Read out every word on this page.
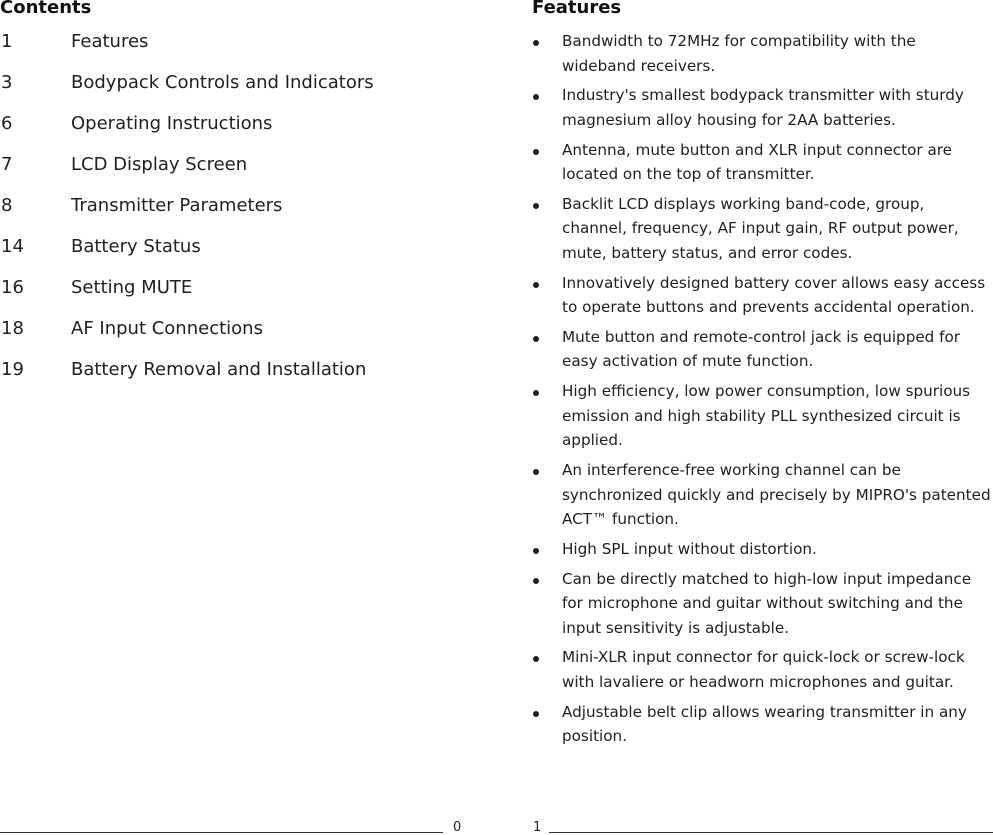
Contents
1	Features
3	Bodypack Controls and Indicators
6	Operating Instructions
7	LCD Display Screen
8	Transmitter Parameters
14	Battery Status
16	Setting MUTE
18	AF Input Connections
19	Battery Removal and Installation
0
Features
Bandwidth to 72MHz for compatibility with the wideband receivers.
Industry's smallest bodypack transmitter with sturdy magnesium alloy housing for 2AA batteries.
Antenna, mute button and XLR input connector are located on the top of transmitter.
Backlit LCD displays working band-code, group, channel, frequency, AF input gain, RF output power, mute, battery status, and error codes.
Innovatively designed battery cover allows easy access to operate buttons and prevents accidental operation.
Mute button and remote-control jack is equipped for easy activation of mute function.
High efficiency, low power consumption, low spurious emission and high stability PLL synthesized circuit is applied.
An interference-free working channel can be synchronized quickly and precisely by MIPRO's patented ACT™ function.
High SPL input without distortion.
Can be directly matched to high-low input impedance for microphone and guitar without switching and the input sensitivity is adjustable.
Mini-XLR input connector for quick-lock or screw-lock with lavaliere or headworn microphones and guitar.
Adjustable belt clip allows wearing transmitter in any position.
1
